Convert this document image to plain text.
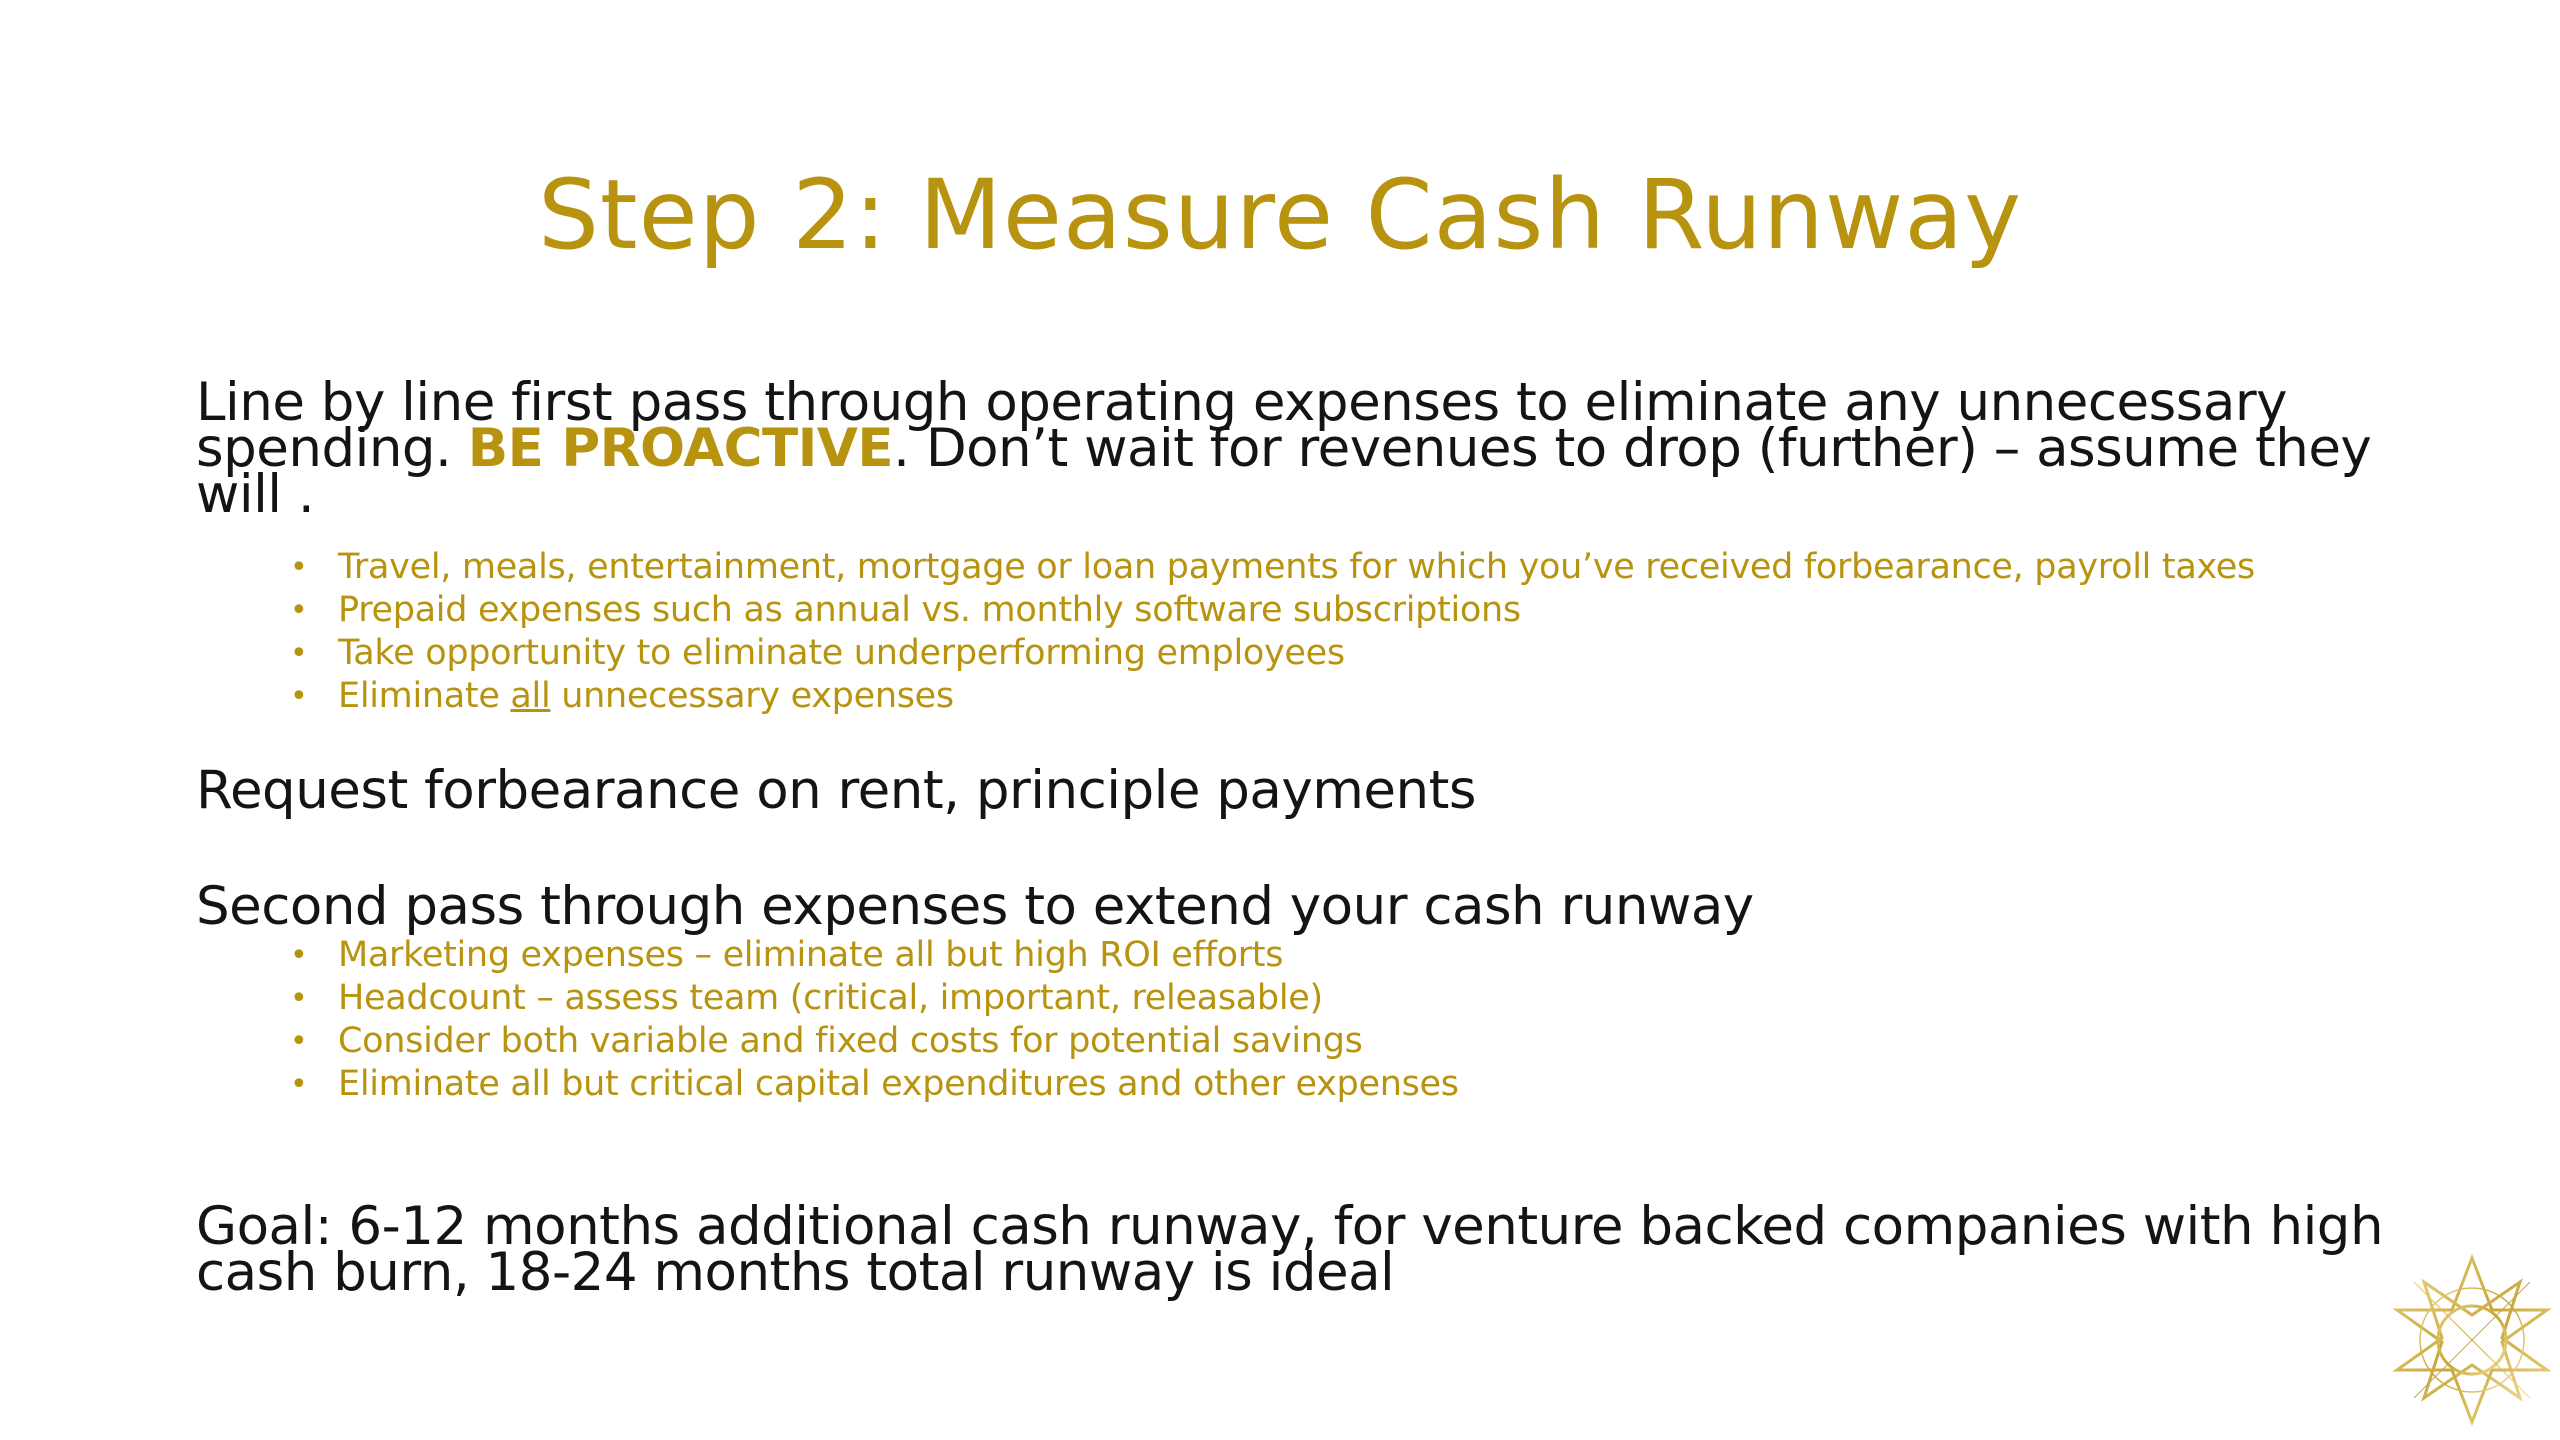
Step 2: Measure Cash Runway

Line by line first pass through operating expenses to eliminate any unnecessary spending. BE PROACTIVE. Don’t wait for revenues to drop (further) – assume they will .

• Travel, meals, entertainment, mortgage or loan payments for which you’ve received forbearance, payroll taxes
• Prepaid expenses such as annual vs. monthly software subscriptions
• Take opportunity to eliminate underperforming employees
• Eliminate all unnecessary expenses

Request forbearance on rent, principle payments

Second pass through expenses to extend your cash runway

• Marketing expenses – eliminate all but high ROI efforts
• Headcount – assess team (critical, important, releasable)
• Consider both variable and fixed costs for potential savings
• Eliminate all but critical capital expenditures and other expenses

Goal: 6-12 months additional cash runway, for venture backed companies with high cash burn, 18-24 months total runway is ideal
